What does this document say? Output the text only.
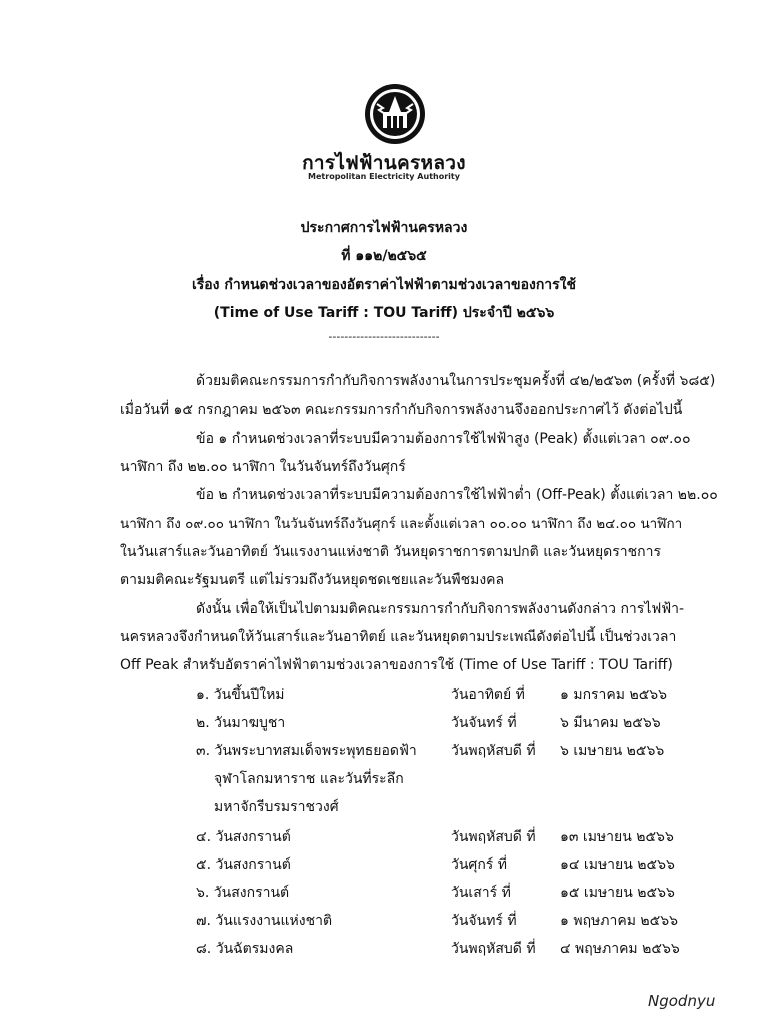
การไฟฟ้านครหลวง
Metropolitan Electricity Authority
ประกาศการไฟฟ้านครหลวง
ที่ ๑๑๒/๒๕๖๕
เรื่อง กำหนดช่วงเวลาของอัตราค่าไฟฟ้าตามช่วงเวลาของการใช้
(Time of Use Tariff : TOU Tariff) ประจำปี ๒๕๖๖
----------------------------
ด้วยมติคณะกรรมการกำกับกิจการพลังงานในการประชุมครั้งที่ ๔๒/๒๕๖๓ (ครั้งที่ ๖๘๕)
เมื่อวันที่ ๑๕ กรกฎาคม ๒๕๖๓ คณะกรรมการกำกับกิจการพลังงานจึงออกประกาศไว้ ดังต่อไปนี้
ข้อ ๑ กำหนดช่วงเวลาที่ระบบมีความต้องการใช้ไฟฟ้าสูง (Peak) ตั้งแต่เวลา ๐๙.๐๐
นาฬิกา ถึง ๒๒.๐๐ นาฬิกา ในวันจันทร์ถึงวันศุกร์
ข้อ ๒ กำหนดช่วงเวลาที่ระบบมีความต้องการใช้ไฟฟ้าต่ำ (Off-Peak) ตั้งแต่เวลา ๒๒.๐๐
นาฬิกา ถึง ๐๙.๐๐ นาฬิกา ในวันจันทร์ถึงวันศุกร์ และตั้งแต่เวลา ๐๐.๐๐ นาฬิกา ถึง ๒๔.๐๐ นาฬิกา
ในวันเสาร์และวันอาทิตย์ วันแรงงานแห่งชาติ วันหยุดราชการตามปกติ และวันหยุดราชการ
ตามมติคณะรัฐมนตรี แต่ไม่รวมถึงวันหยุดชดเชยและวันพืชมงคล
ดังนั้น เพื่อให้เป็นไปตามมติคณะกรรมการกำกับกิจการพลังงานดังกล่าว การไฟฟ้า-
นครหลวงจึงกำหนดให้วันเสาร์และวันอาทิตย์ และวันหยุดตามประเพณีดังต่อไปนี้ เป็นช่วงเวลา
Off Peak สำหรับอัตราค่าไฟฟ้าตามช่วงเวลาของการใช้ (Time of Use Tariff : TOU Tariff)
๑. วันขึ้นปีใหม่	วันอาทิตย์ ที่	๑ มกราคม ๒๕๖๖
๒. วันมาฆบูชา	วันจันทร์ ที่	๖ มีนาคม ๒๕๖๖
๓. วันพระบาทสมเด็จพระพุทธยอดฟ้า วันพฤหัสบดี ที่ ๖ เมษายน ๒๕๖๖
จุฬาโลกมหาราช และวันที่ระลึก
มหาจักรีบรมราชวงศ์
๔. วันสงกรานต์	วันพฤหัสบดี ที่ ๑๓ เมษายน ๒๕๖๖
๕. วันสงกรานต์	วันศุกร์ ที่	๑๔ เมษายน ๒๕๖๖
๖. วันสงกรานต์	วันเสาร์ ที่	๑๕ เมษายน ๒๕๖๖
๗. วันแรงงานแห่งชาติ	วันจันทร์ ที่	๑ พฤษภาคม ๒๕๖๖
๘. วันฉัตรมงคล	วันพฤหัสบดี ที่ ๔ พฤษภาคม ๒๕๖๖
Ngodnyu
